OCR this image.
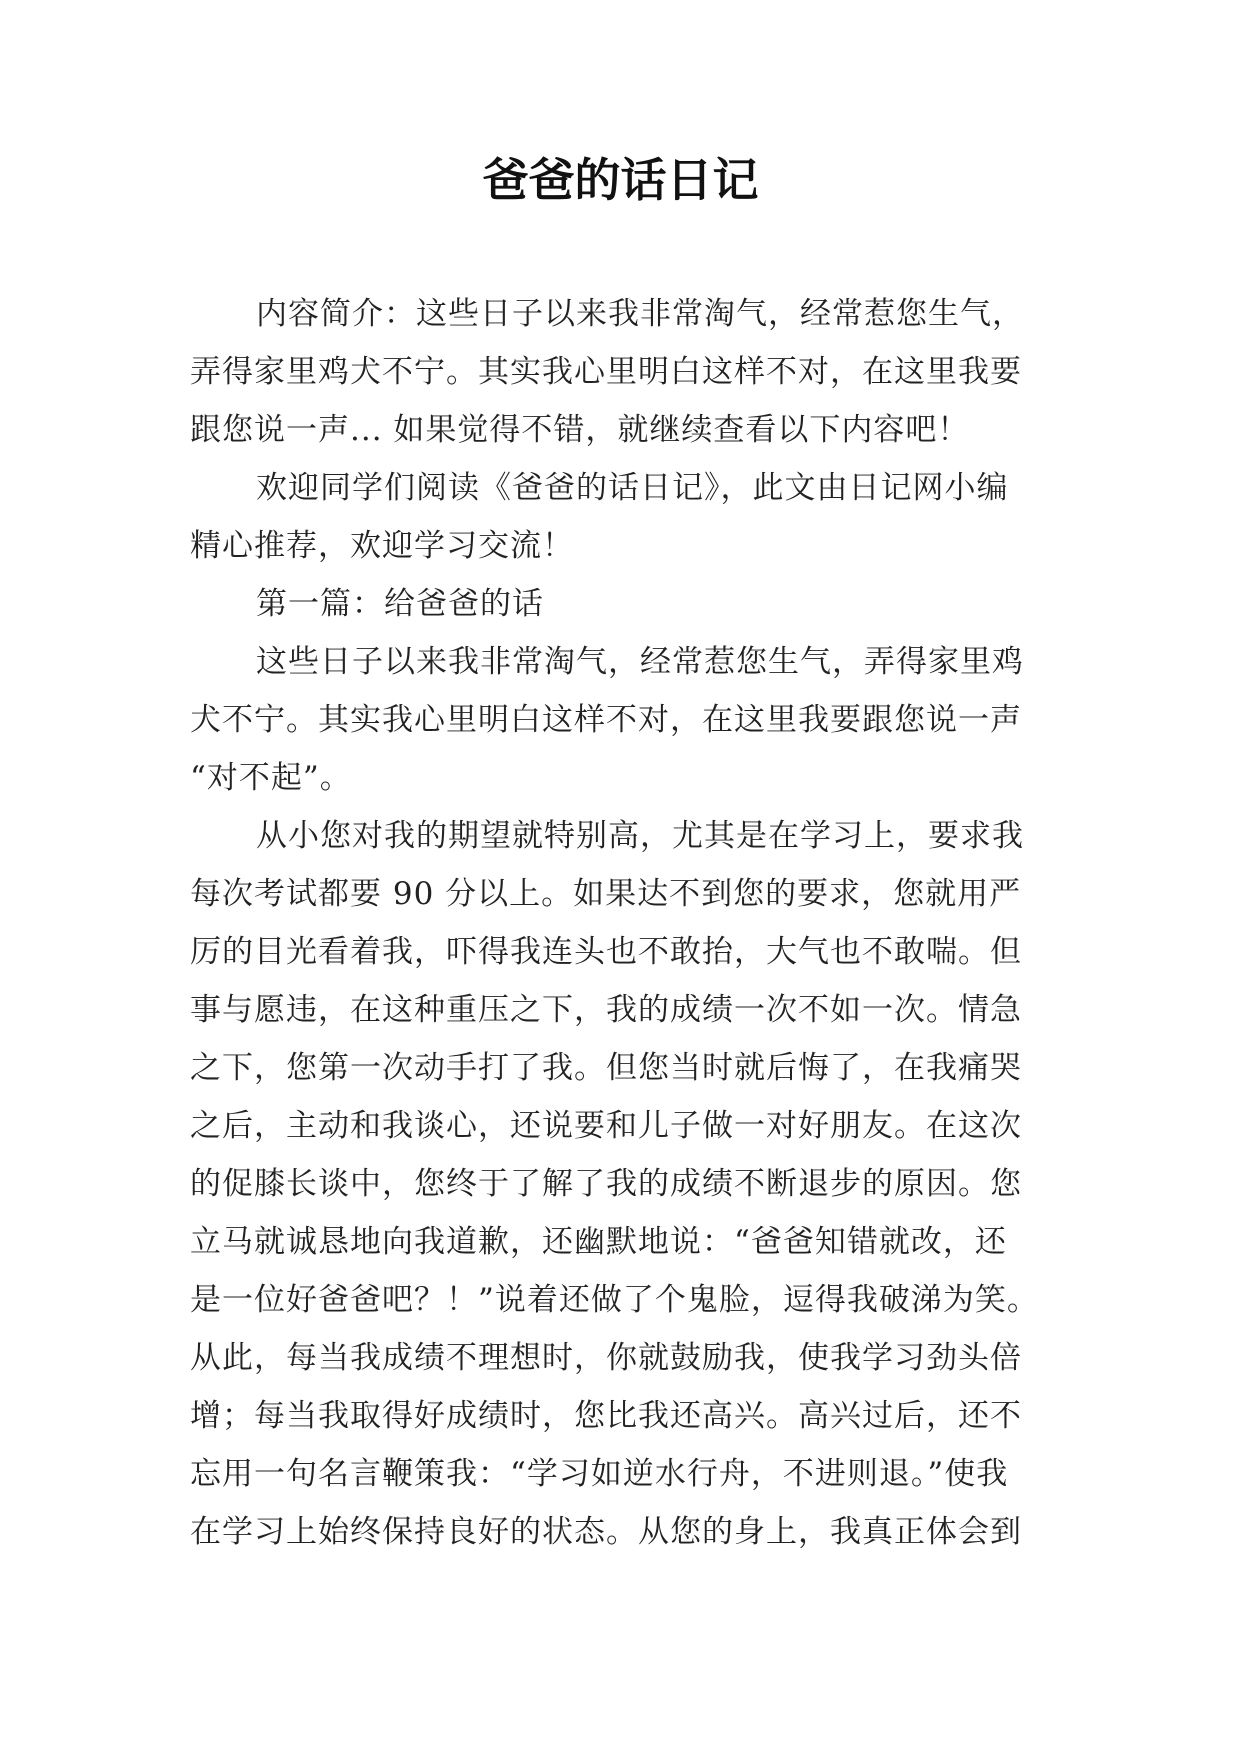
爸爸的话日记
内容简介：这些日子以来我非常淘气，经常惹您生气，
弄得家里鸡犬不宁。其实我心里明白这样不对，在这里我要
跟您说一声... 如果觉得不错，就继续查看以下内容吧！
欢迎同学们阅读《爸爸的话日记》，此文由日记网小编
精心推荐，欢迎学习交流！
第一篇：给爸爸的话
这些日子以来我非常淘气，经常惹您生气，弄得家里鸡
犬不宁。其实我心里明白这样不对，在这里我要跟您说一声
“对不起”。
从小您对我的期望就特别高，尤其是在学习上，要求我
每次考试都要 90 分以上。如果达不到您的要求，您就用严
厉的目光看着我，吓得我连头也不敢抬，大气也不敢喘。但
事与愿违，在这种重压之下，我的成绩一次不如一次。情急
之下，您第一次动手打了我。但您当时就后悔了，在我痛哭
之后，主动和我谈心，还说要和儿子做一对好朋友。在这次
的促膝长谈中，您终于了解了我的成绩不断退步的原因。您
立马就诚恳地向我道歉，还幽默地说：“爸爸知错就改，还
是一位好爸爸吧？！”说着还做了个鬼脸，逗得我破涕为笑。
从此，每当我成绩不理想时，你就鼓励我，使我学习劲头倍
增；每当我取得好成绩时，您比我还高兴。高兴过后，还不
忘用一句名言鞭策我：“学习如逆水行舟，不进则退。”使我
在学习上始终保持良好的状态。从您的身上，我真正体会到
